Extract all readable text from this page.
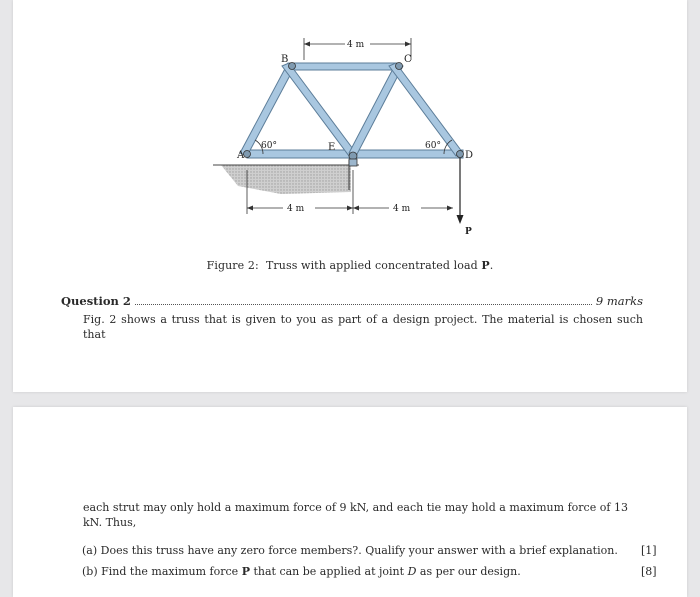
B	C
A
E
D
60°	60°
4 m
4 m	4 m
P
Figure 2: Truss with applied concentrated load P.
Question 2	9 marks
Fig. 2 shows a truss that is given to you as part of a design project. The material is chosen such that
each strut may only hold a maximum force of 9 kN, and each tie may hold a maximum force of 13 kN. Thus,
(a) Does this truss have any zero force members?. Qualify your answer with a brief explanation. [1]
(b) Find the maximum force P that can be applied at joint D as per our design.	[8]
